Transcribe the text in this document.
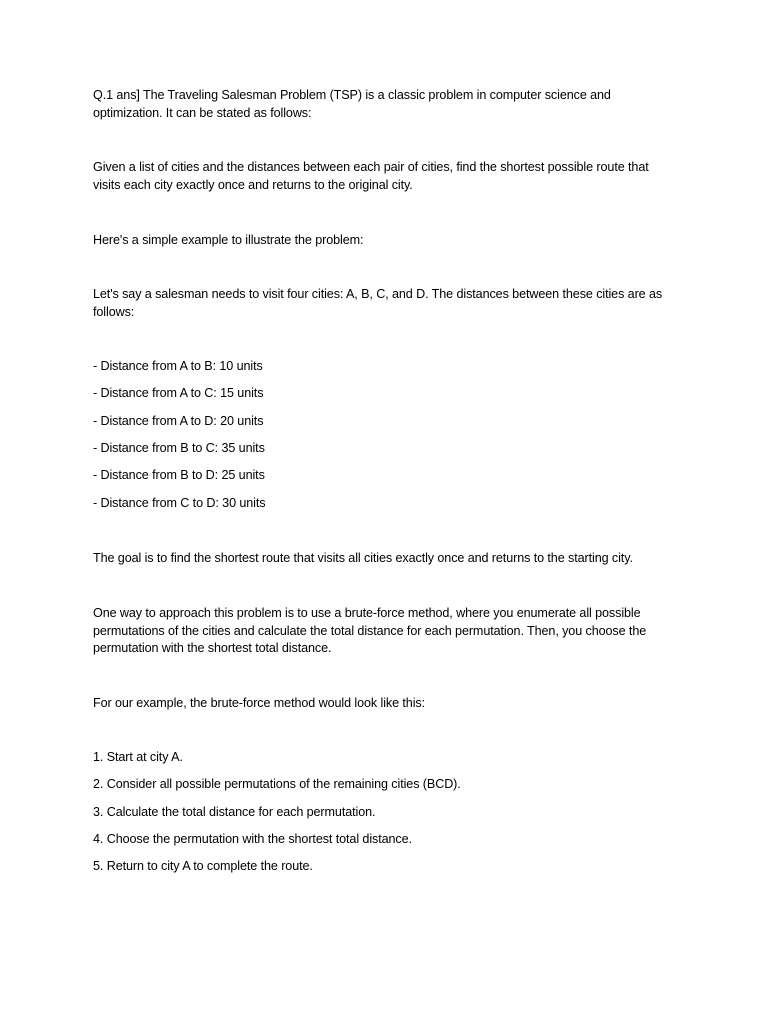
Q.1 ans] The Traveling Salesman Problem (TSP) is a classic problem in computer science and optimization. It can be stated as follows:

Given a list of cities and the distances between each pair of cities, find the shortest possible route that visits each city exactly once and returns to the original city.

Here's a simple example to illustrate the problem:

Let's say a salesman needs to visit four cities: A, B, C, and D. The distances between these cities are as follows:

- Distance from A to B: 10 units

- Distance from A to C: 15 units

- Distance from A to D: 20 units

- Distance from B to C: 35 units

- Distance from B to D: 25 units

- Distance from C to D: 30 units

The goal is to find the shortest route that visits all cities exactly once and returns to the starting city.

One way to approach this problem is to use a brute-force method, where you enumerate all possible permutations of the cities and calculate the total distance for each permutation. Then, you choose the permutation with the shortest total distance.

For our example, the brute-force method would look like this:

1. Start at city A.

2. Consider all possible permutations of the remaining cities (BCD).

3. Calculate the total distance for each permutation.

4. Choose the permutation with the shortest total distance.

5. Return to city A to complete the route.
